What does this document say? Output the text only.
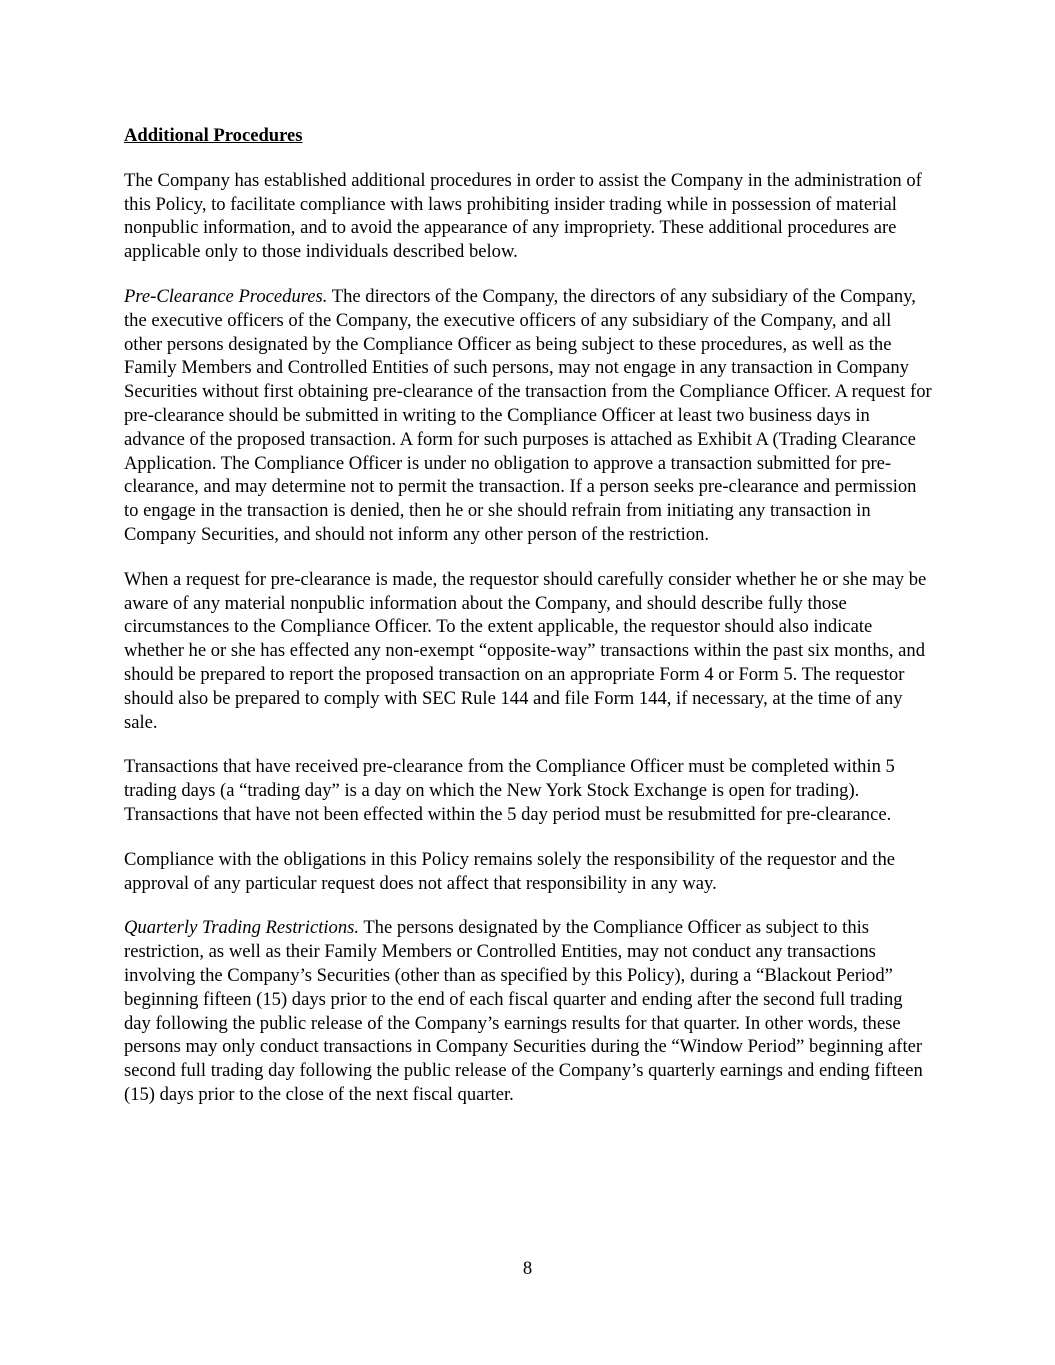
Additional Procedures

The Company has established additional procedures in order to assist the Company in the administration of this Policy, to facilitate compliance with laws prohibiting insider trading while in possession of material nonpublic information, and to avoid the appearance of any impropriety. These additional procedures are applicable only to those individuals described below.

Pre-Clearance Procedures. The directors of the Company, the directors of any subsidiary of the Company, the executive officers of the Company, the executive officers of any subsidiary of the Company, and all other persons designated by the Compliance Officer as being subject to these procedures, as well as the Family Members and Controlled Entities of such persons, may not engage in any transaction in Company Securities without first obtaining pre-clearance of the transaction from the Compliance Officer. A request for pre-clearance should be submitted in writing to the Compliance Officer at least two business days in advance of the proposed transaction. A form for such purposes is attached as Exhibit A (Trading Clearance Application. The Compliance Officer is under no obligation to approve a transaction submitted for pre-clearance, and may determine not to permit the transaction. If a person seeks pre-clearance and permission to engage in the transaction is denied, then he or she should refrain from initiating any transaction in Company Securities, and should not inform any other person of the restriction.

When a request for pre-clearance is made, the requestor should carefully consider whether he or she may be aware of any material nonpublic information about the Company, and should describe fully those circumstances to the Compliance Officer. To the extent applicable, the requestor should also indicate whether he or she has effected any non-exempt “opposite-way” transactions within the past six months, and should be prepared to report the proposed transaction on an appropriate Form 4 or Form 5. The requestor should also be prepared to comply with SEC Rule 144 and file Form 144, if necessary, at the time of any sale.

Transactions that have received pre-clearance from the Compliance Officer must be completed within 5 trading days (a “trading day” is a day on which the New York Stock Exchange is open for trading). Transactions that have not been effected within the 5 day period must be resubmitted for pre-clearance.

Compliance with the obligations in this Policy remains solely the responsibility of the requestor and the approval of any particular request does not affect that responsibility in any way.

Quarterly Trading Restrictions. The persons designated by the Compliance Officer as subject to this restriction, as well as their Family Members or Controlled Entities, may not conduct any transactions involving the Company’s Securities (other than as specified by this Policy), during a “Blackout Period” beginning fifteen (15) days prior to the end of each fiscal quarter and ending after the second full trading day following the public release of the Company’s earnings results for that quarter. In other words, these persons may only conduct transactions in Company Securities during the “Window Period” beginning after second full trading day following the public release of the Company’s quarterly earnings and ending fifteen (15) days prior to the close of the next fiscal quarter.

8
